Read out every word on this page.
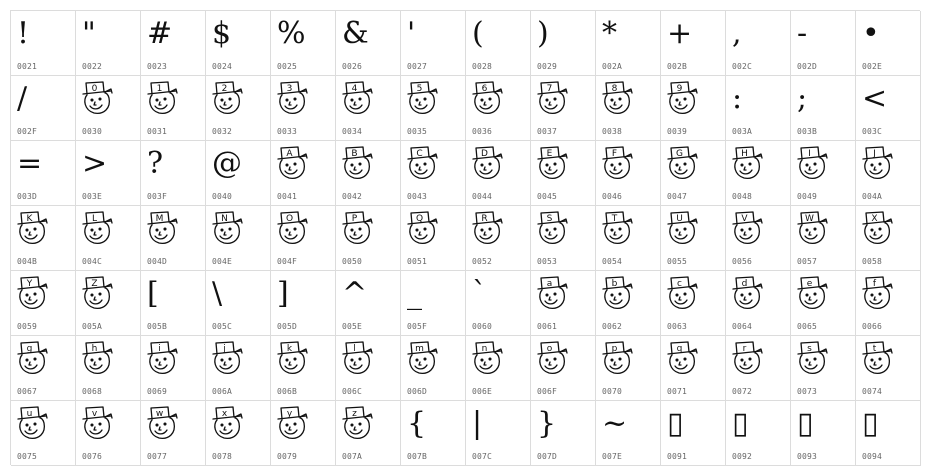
!
0021
"
0022
#
0023
$
0024
%
0025
&
0026
'
0027
(
0028
)
0029
*
002A
+
002B
,
002C
-
002D
•
002E
/
002F
0
0030
1
0031
2
0032
3
0033
4
0034
5
0035
6
0036
7
0037
8
0038
9
0039
:
003A
;
003B
<
003C
=
003D
>
003E
?
003F
@
0040
A
0041
B
0042
C
0043
D
0044
E
0045
F
0046
G
0047
H
0048
I
0049
J
004A
K
004B
L
004C
M
004D
N
004E
O
004F
P
0050
Q
0051
R
0052
S
0053
T
0054
U
0055
V
0056
W
0057
X
0058
Y
0059
Z
005A
[
005B
\
005C
]
005D
^
005E
_
005F
`
0060
a
0061
b
0062
c
0063
d
0064
e
0065
f
0066
g
0067
h
0068
i
0069
j
006A
k
006B
l
006C
m
006D
n
006E
o
006F
p
0070
q
0071
r
0072
s
0073
t
0074
u
0075
v
0076
w
0077
x
0078
y
0079
z
007A
{
007B
|
007C
}
007D
~
007E
▯
0091
▯
0092
▯
0093
▯
0094
